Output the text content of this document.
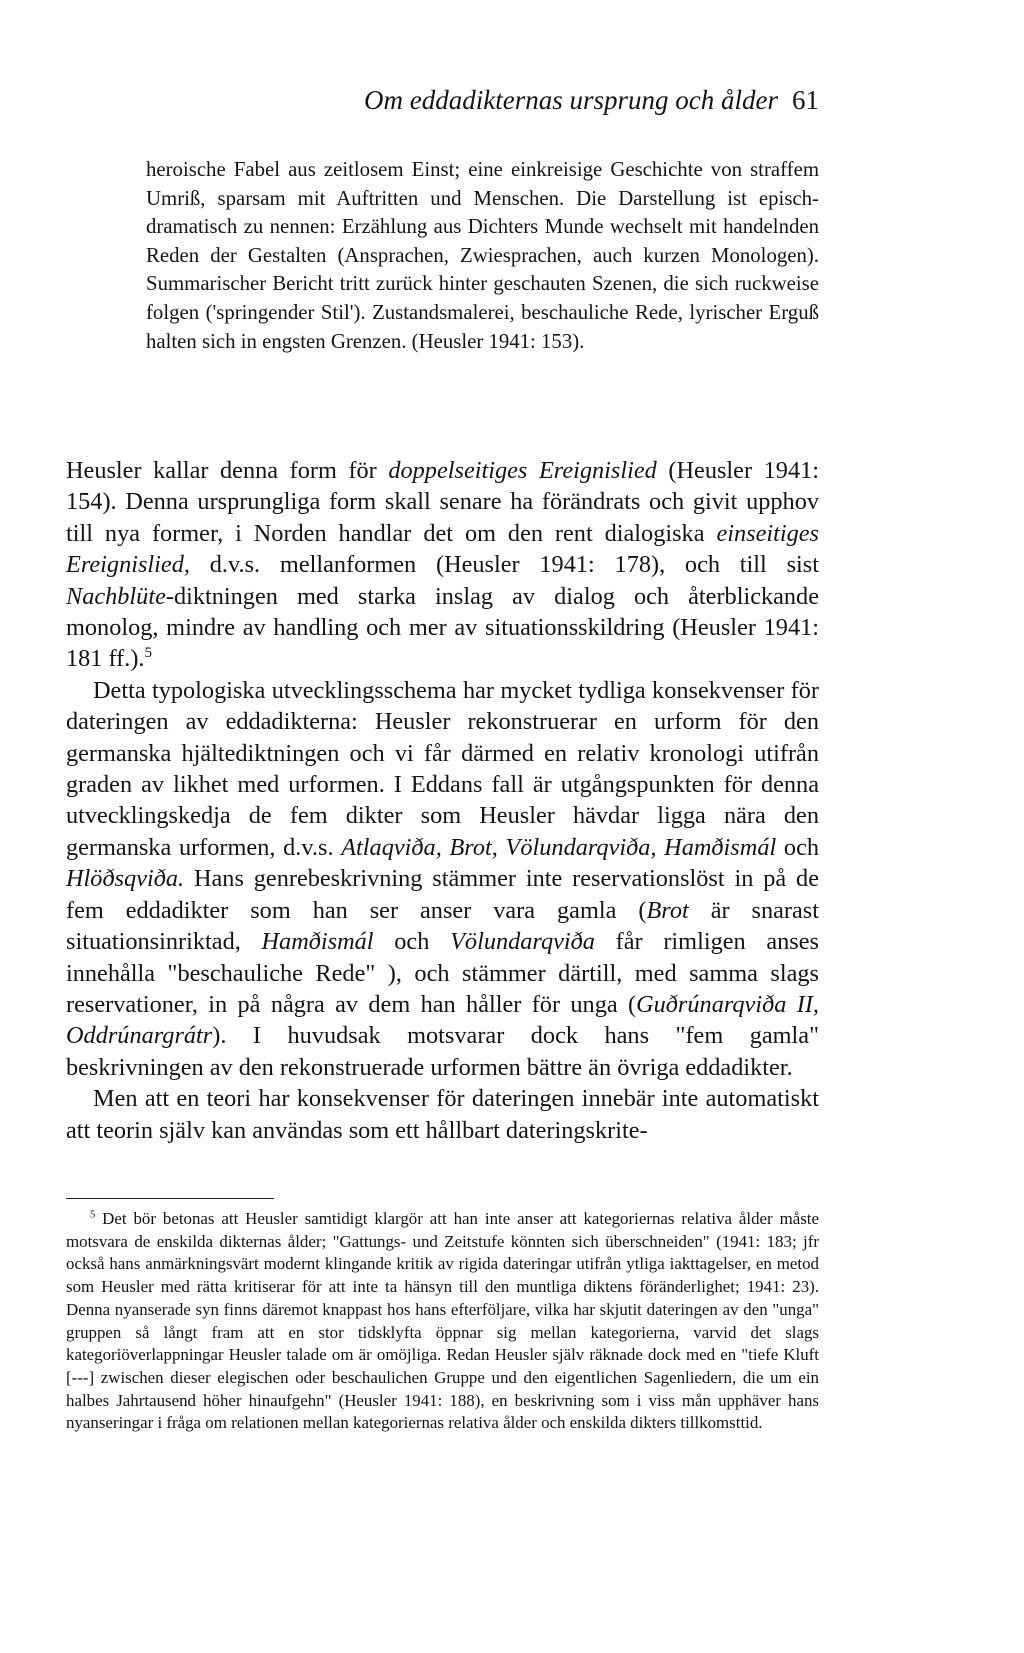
Om eddadikternas ursprung och ålder 61

heroische Fabel aus zeitlosem Einst; eine einkreisige Geschichte von straffem Umriß, sparsam mit Auftritten und Menschen. Die Darstellung ist episch-dramatisch zu nennen: Erzählung aus Dichters Munde wechselt mit handelnden Reden der Gestalten (Ansprachen, Zwiesprachen, auch kurzen Monologen). Summarischer Bericht tritt zurück hinter geschauten Szenen, die sich ruckweise folgen ('springender Stil'). Zustandsmalerei, beschauliche Rede, lyrischer Erguß halten sich in engsten Grenzen. (Heusler 1941: 153).

Heusler kallar denna form för doppelseitiges Ereignislied (Heusler 1941: 154). Denna ursprungliga form skall senare ha förändrats och givit upphov till nya former, i Norden handlar det om den rent dialogiska einseitiges Ereignislied, d.v.s. mellanformen (Heusler 1941: 178), och till sist Nachblüte-diktningen med starka inslag av dialog och återblickande monolog, mindre av handling och mer av situationsskildring (Heusler 1941: 181 ff.).$^5$

Detta typologiska utvecklingsschema har mycket tydliga konsekvenser för dateringen av eddadikterna: Heusler rekonstruerar en urform för den germanska hjältediktningen och vi får därmed en relativ kronologi utifrån graden av likhet med urformen. I Eddans fall är utgångspunkten för denna utvecklingskedja de fem dikter som Heusler hävdar ligga nära den germanska urformen, d.v.s. Atlaqviða, Brot, Völundarqviða, Hamðismál och Hlöðsqviða. Hans genrebeskrivning stämmer inte reservationslöst in på de fem eddadikter som han ser anser vara gamla (Brot är snarast situationsinriktad, Hamðismál och Völundarqviða får rimligen anses innehålla "beschauliche Rede" ), och stämmer därtill, med samma slags reservationer, in på några av dem han håller för unga (Guðrúnarqviða II, Oddrúnargrátr). I huvudsak motsvarar dock hans "fem gamla" beskrivningen av den rekonstruerade urformen bättre än övriga eddadikter.

Men att en teori har konsekvenser för dateringen innebär inte automatiskt att teorin själv kan användas som ett hållbart dateringskrite-

$^5$ Det bör betonas att Heusler samtidigt klargör att han inte anser att kategoriernas relativa ålder måste motsvara de enskilda dikternas ålder; "Gattungs- und Zeitstufe könnten sich überschneiden" (1941: 183; jfr också hans anmärkningsvärt modernt klingande kritik av rigida dateringar utifrån ytliga iakttagelser, en metod som Heusler med rätta kritiserar för att inte ta hänsyn till den muntliga diktens föränderlighet; 1941: 23). Denna nyanserade syn finns däremot knappast hos hans efterföljare, vilka har skjutit dateringen av den "unga" gruppen så långt fram att en stor tidsklyfta öppnar sig mellan kategorierna, varvid det slags kategoriöverlappningar Heusler talade om är omöjliga. Redan Heusler själv räknade dock med en "tiefe Kluft [---] zwischen dieser elegischen oder beschaulichen Gruppe und den eigentlichen Sagenliedern, die um ein halbes Jahrtausend höher hinaufgehn" (Heusler 1941: 188), en beskrivning som i viss mån upphäver hans nyanseringar i fråga om relationen mellan kategoriernas relativa ålder och enskilda dikters tillkomsttid.
